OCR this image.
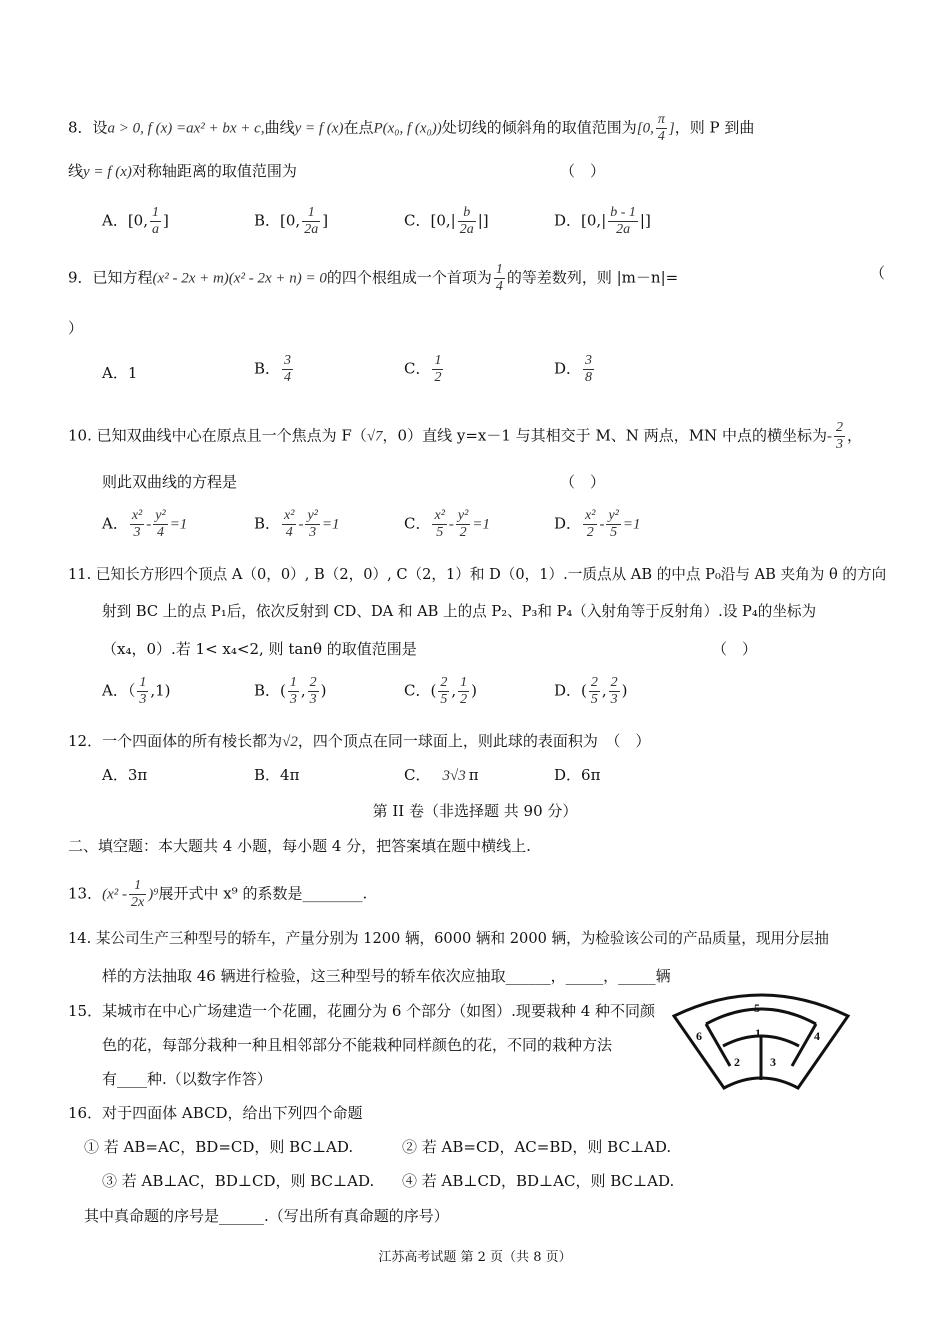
8．设a > 0, f (x) =ax² + bx + c,曲线y = f (x)在点P(x₀, f (x₀))处切线的倾斜角的取值范围为[0, $\frac{\pi}{4}$ ]，则 P 到曲
线y = f (x)对称轴距离的取值范围为	（　）
A．[0, $\frac{1}{a}$ ]	B．[0, $\frac{1}{2a}$ ]	C．[$0,| \frac{b}{2a}$ |]	D．[$0,| \frac{b - 1}{2a}$ |]
9．已知方程(x² - 2x + m)(x² - 2x + n) = 0的四个根组成一个首项为 $\frac{1}{4}$ 的等差数列，则 |m－n|=	（
）
A．1	B． $\frac{3}{4}$	C． $\frac{1}{2}$	D． $\frac{3}{8}$
10. 已知双曲线中心在原点且一个焦点为 F（√7，0）直线 y=x－1 与其相交于 M、N 两点，MN 中点的横坐标为- $\frac{2}{3}$ ，
则此双曲线的方程是	（　）
A． $\frac{\text{x²}}{3} - \frac{\text{y²}}{4} =1$	B． $\frac{\text{x²}}{4} - \frac{\text{y²}}{3} =1$	C． $\frac{\text{x²}}{5} - \frac{\text{y²}}{2} =1$	D． $\frac{\text{x²}}{2} - \frac{\text{y²}}{5} =1$
11. 已知长方形四个顶点 A（0，0）, B（2，0）, C（2，1）和 D（0，1）.一质点从 AB 的中点 P₀沿与 AB 夹角为 θ 的方向
射到 BC 上的点 P₁后，依次反射到 CD、DA 和 AB 上的点 P₂、P₃和 P₄（入射角等于反射角）.设 P₄的坐标为
（x₄，0）.若 1< x₄<2, 则 tanθ 的取值范围是	（　）
A．（ $\frac{1}{3} ,1$)	B．( $\frac{1}{3}$ , $\frac{2}{3}$ )	C．( $\frac{2}{5}$ , $\frac{1}{2}$ )	D．( $\frac{2}{5}$ , $\frac{2}{3}$ )
12．一个四面体的所有棱长都为√2，四个顶点在同一球面上，则此球的表面积为　（　）
A．3π	B．4π	C． 3√3 π	D．6π
第 II 卷（非选择题 共 90 分）
二、填空题：本大题共 4 小题，每小题 4 分，把答案填在题中横线上.
13．$(x^2 - \frac{1}{2x} )^9$展开式中 x⁹ 的系数是________.
14. 某公司生产三种型号的轿车，产量分别为 1200 辆，6000 辆和 2000 辆，为检验该公司的产品质量，现用分层抽
样的方法抽取 46 辆进行检验，这三种型号的轿车依次应抽取______，_____，_____辆
15．某城市在中心广场建造一个花圃，花圃分为 6 个部分（如图）.现要栽种 4 种不同颜
色的花，每部分栽种一种且相邻部分不能栽种同样颜色的花，不同的栽种方法
有____种.（以数字作答）
5
1
6	4
2	3
16．对于四面体 ABCD，给出下列四个命题
① 若 AB=AC，BD=CD，则 BC⊥AD.	② 若 AB=CD，AC=BD，则 BC⊥AD.
③ 若 AB⊥AC，BD⊥CD，则 BC⊥AD. ④ 若 AB⊥CD，BD⊥AC，则 BC⊥AD.
其中真命题的序号是______.（写出所有真命题的序号）
江苏高考试题 第 2 页（共 8 页）
